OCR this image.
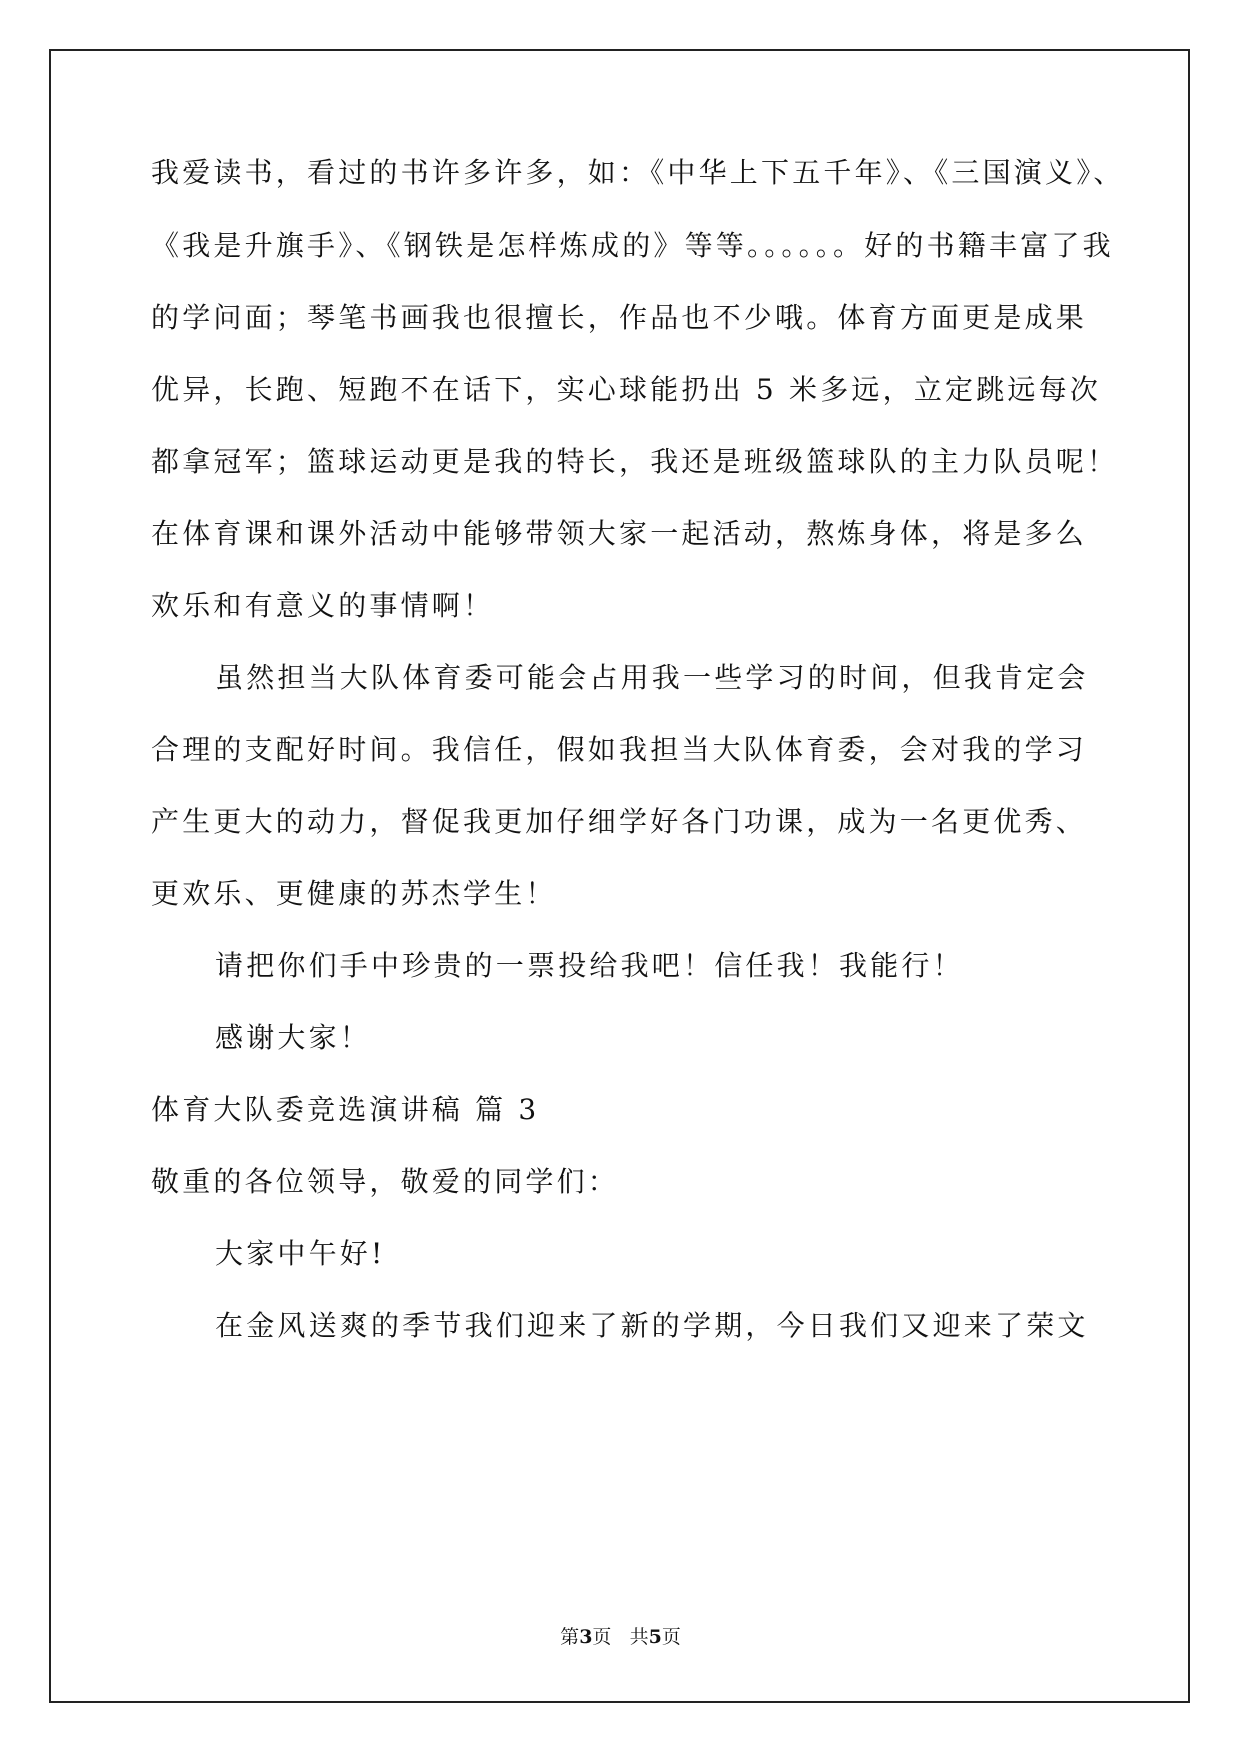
我爱读书，看过的书许多许多，如：《中华上下五千年》、《三国演义》、
《我是升旗手》、《钢铁是怎样炼成的》等等。。。。。。好的书籍丰富了我
的学问面；琴笔书画我也很擅长，作品也不少哦。体育方面更是成果
优异，长跑、短跑不在话下，实心球能扔出 5 米多远，立定跳远每次
都拿冠军；篮球运动更是我的特长，我还是班级篮球队的主力队员呢！
在体育课和课外活动中能够带领大家一起活动，熬炼身体，将是多么
欢乐和有意义的事情啊！
虽然担当大队体育委可能会占用我一些学习的时间，但我肯定会
合理的支配好时间。我信任，假如我担当大队体育委，会对我的学习
产生更大的动力，督促我更加仔细学好各门功课，成为一名更优秀、
更欢乐、更健康的苏杰学生！
请把你们手中珍贵的一票投给我吧！信任我！我能行！
感谢大家！
体育大队委竞选演讲稿 篇 3
敬重的各位领导，敬爱的同学们：
大家中午好!
在金风送爽的季节我们迎来了新的学期，今日我们又迎来了荣文
第3页 共5页
